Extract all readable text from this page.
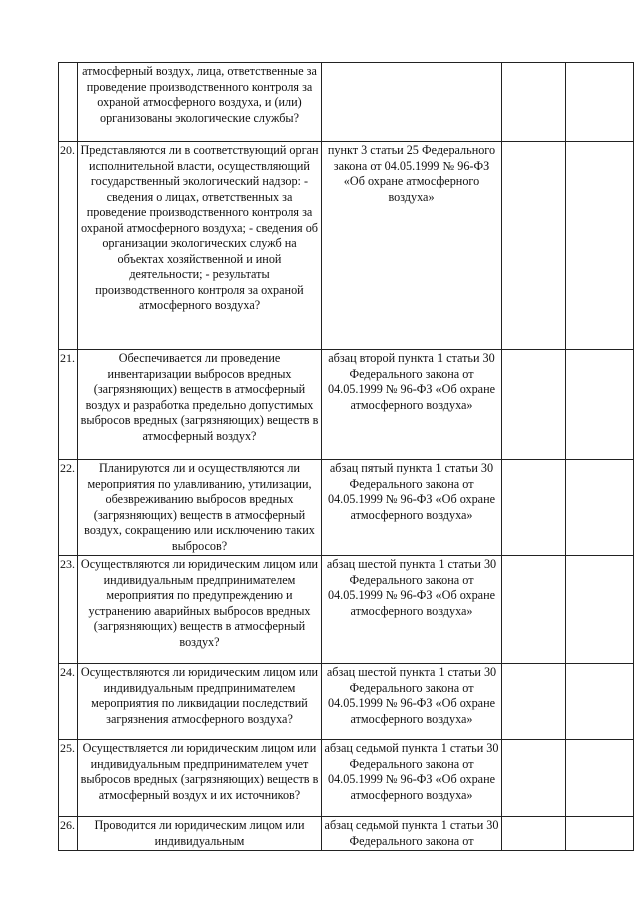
	атмосферный воздух, лица, ответственные за проведение производственного контроля за охраной атмосферного воздуха, и (или) организованы экологические службы?			
20.	Представляются ли в соответствующий орган исполнительной власти, осуществляющий государственный экологический надзор: - сведения о лицах, ответственных за проведение производственного контроля за охраной атмосферного воздуха; - сведения об организации экологических служб на объектах хозяйственной и иной деятельности; - результаты производственного контроля за охраной атмосферного воздуха?	пункт 3 статьи 25 Федерального закона от 04.05.1999 № 96-ФЗ «Об охране атмосферного воздуха»		
21.	Обеспечивается ли проведение инвентаризации выбросов вредных (загрязняющих) веществ в атмосферный воздух и разработка предельно допустимых выбросов вредных (загрязняющих) веществ в атмосферный воздух?	абзац второй пункта 1 статьи 30 Федерального закона от 04.05.1999 № 96-ФЗ «Об охране атмосферного воздуха»		
22.	Планируются ли и осуществляются ли мероприятия по улавливанию, утилизации, обезвреживанию выбросов вредных (загрязняющих) веществ в атмосферный воздух, сокращению или исключению таких выбросов?	абзац пятый пункта 1 статьи 30 Федерального закона от 04.05.1999 № 96-ФЗ «Об охране атмосферного воздуха»		
23.	Осуществляются ли юридическим лицом или индивидуальным предпринимателем мероприятия по предупреждению и устранению аварийных выбросов вредных (загрязняющих) веществ в атмосферный воздух?	абзац шестой пункта 1 статьи 30 Федерального закона от 04.05.1999 № 96-ФЗ «Об охране атмосферного воздуха»		
24.	Осуществляются ли юридическим лицом или индивидуальным предпринимателем мероприятия по ликвидации последствий загрязнения атмосферного воздуха?	абзац шестой пункта 1 статьи 30 Федерального закона от 04.05.1999 № 96-ФЗ «Об охране атмосферного воздуха»		
25.	Осуществляется ли юридическим лицом или индивидуальным предпринимателем учет выбросов вредных (загрязняющих) веществ в атмосферный воздух и их источников?	абзац седьмой пункта 1 статьи 30 Федерального закона от 04.05.1999 № 96-ФЗ «Об охране атмосферного воздуха»		
26.	Проводится ли юридическим лицом или индивидуальным	абзац седьмой пункта 1 статьи 30 Федерального закона от		
